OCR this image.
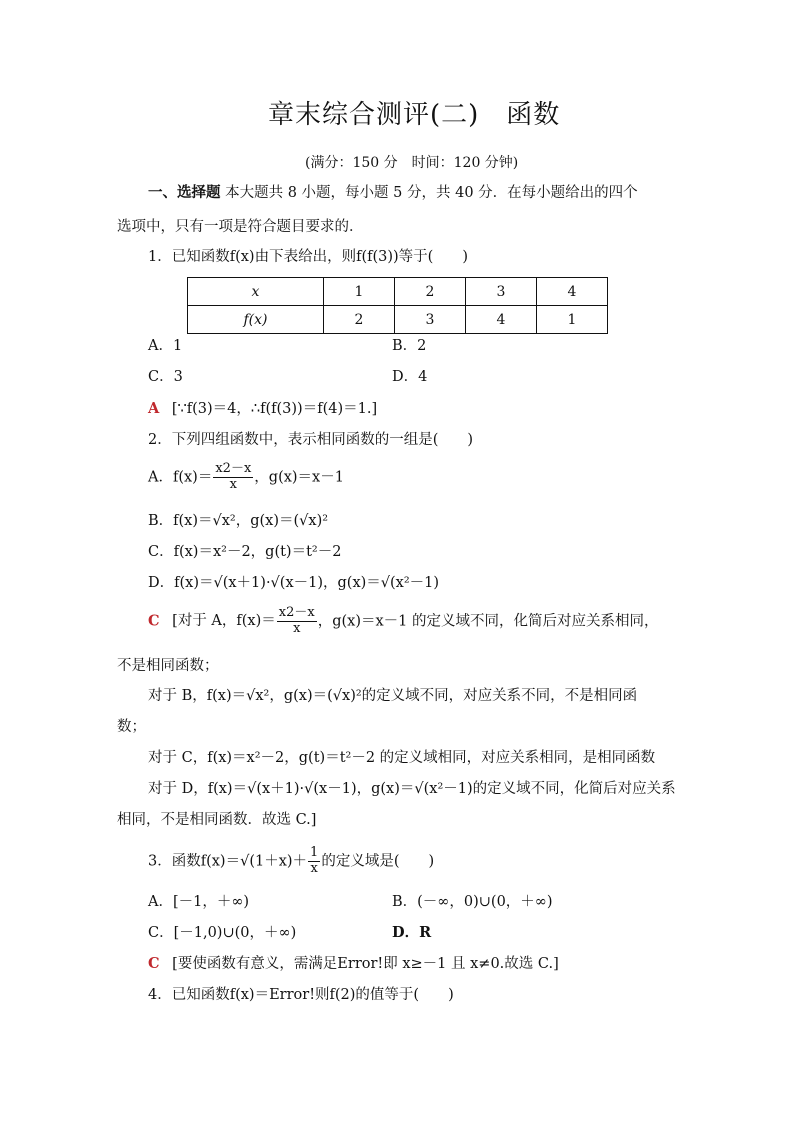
章末综合测评(二)　函数
(满分：150 分　时间：120 分钟)
一、选择题 本大题共 8 小题，每小题 5 分，共 40 分．在每小题给出的四个
选项中，只有一项是符合题目要求的．
1．已知函数f(x)由下表给出，则f(f(3))等于(　　)
x	1	2	3	4
f(x)	2	3	4	1
A．1	B．2
C．3	D．4
A [∵f(3)＝4，∴f(f(3))＝f(4)＝1.]
2．下列四组函数中，表示相同函数的一组是(　　)
A．$f(x)= \frac{x2-x}{x}$ ，g(x)＝x－1
B．f(x)＝√x²，g(x)＝(√x)²
C．f(x)＝x²－2，g(t)＝t²－2
D．f(x)＝√(x＋1)·√(x－1)，g(x)＝√(x²－1)
C [对于 A，$f(x)= \frac{x2-x}{x}$ ，g(x)＝x－1 的定义域不同，化简后对应关系相同，
不是相同函数；
对于 B，f(x)＝√x²，g(x)＝(√x)²的定义域不同，对应关系不同，不是相同函
数；
对于 C，f(x)＝x²－2，g(t)＝t²－2 的定义域相同，对应关系相同，是相同函数
对于 D，f(x)＝√(x＋1)·√(x－1)，g(x)＝√(x²－1)的定义域不同，化简后对应关系
相同，不是相同函数．故选 C.]
3．函数$f(x)=√(1+x)+ \frac{1}{x}$ 的定义域是(　　)
A．[－1，＋∞)	B．(－∞，0)∪(0，＋∞)
C．[－1,0)∪(0，＋∞)	D．R
C [要使函数有意义，需满足Error!即 x≥－1 且 x≠0.故选 C.]
4．已知函数f(x)＝Error!则f(2)的值等于(　　)
